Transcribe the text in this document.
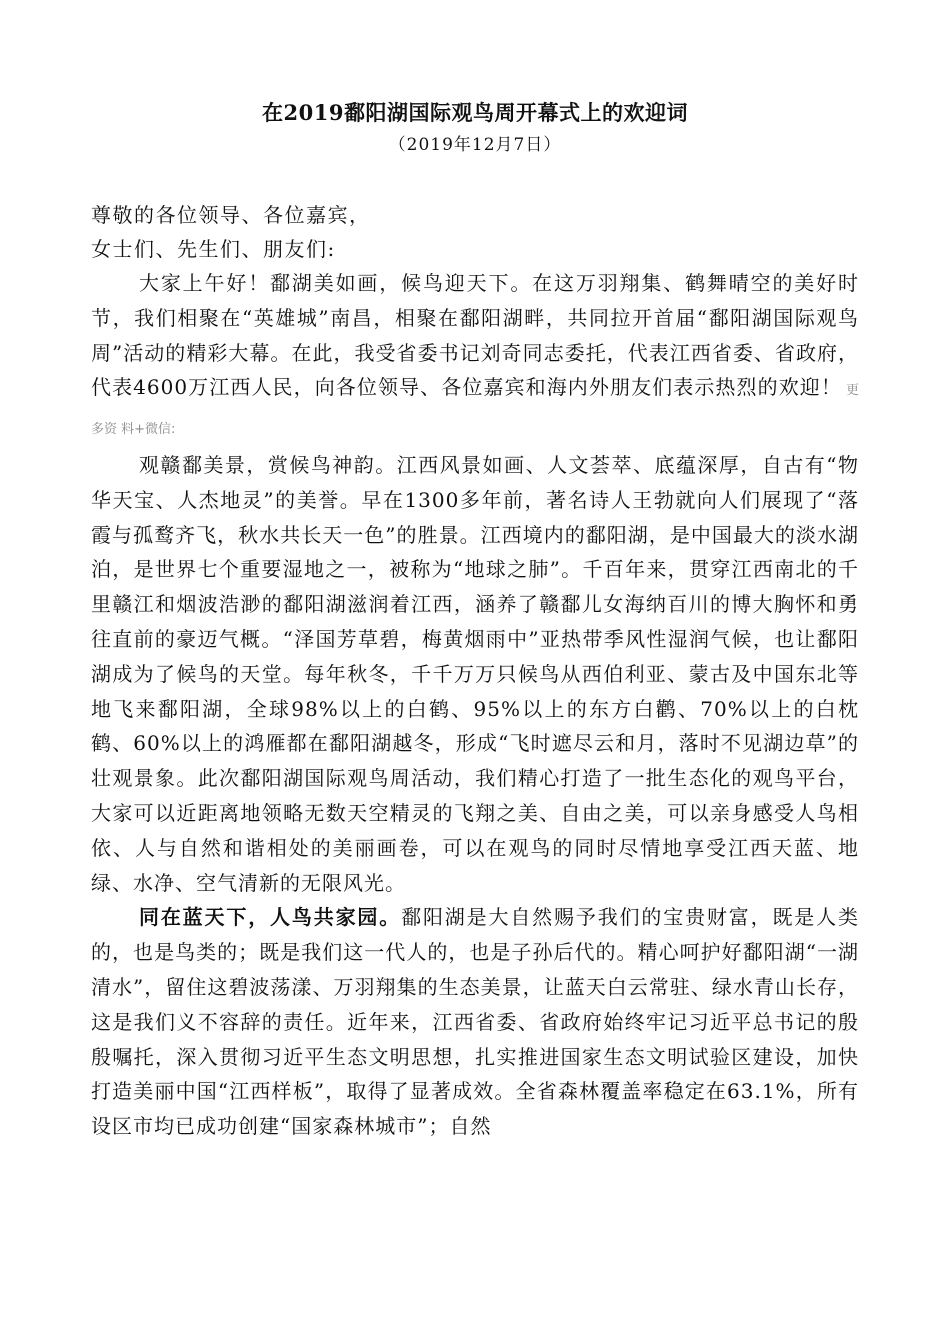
在2019鄱阳湖国际观鸟周开幕式上的欢迎词

（2019年12月7日）

尊敬的各位领导、各位嘉宾，

女士们、先生们、朋友们:

大家上午好！鄱湖美如画，候鸟迎天下。在这万羽翔集、鹤舞晴空的美好时节，我们相聚在“英雄城”南昌，相聚在鄱阳湖畔，共同拉开首届“鄱阳湖国际观鸟周”活动的精彩大幕。在此，我受省委书记刘奇同志委托，代表江西省委、省政府，代表4600万江西人民，向各位领导、各位嘉宾和海内外朋友们表示热烈的欢迎！ 更多资 料+微信:

观赣鄱美景，赏候鸟神韵。江西风景如画、人文荟萃、底蕴深厚，自古有“物华天宝、人杰地灵”的美誉。早在1300多年前，著名诗人王勃就向人们展现了“落霞与孤鹜齐飞，秋水共长天一色”的胜景。江西境内的鄱阳湖，是中国最大的淡水湖泊，是世界七个重要湿地之一，被称为“地球之肺”。千百年来，贯穿江西南北的千里赣江和烟波浩渺的鄱阳湖滋润着江西，涵养了赣鄱儿女海纳百川的博大胸怀和勇往直前的豪迈气概。“泽国芳草碧，梅黄烟雨中”亚热带季风性湿润气候，也让鄱阳湖成为了候鸟的天堂。每年秋冬，千千万万只候鸟从西伯利亚、蒙古及中国东北等地飞来鄱阳湖，全球98%以上的白鹤、95%以上的东方白鹳、70%以上的白枕鹤、60%以上的鸿雁都在鄱阳湖越冬，形成“飞时遮尽云和月，落时不见湖边草”的壮观景象。此次鄱阳湖国际观鸟周活动，我们精心打造了一批生态化的观鸟平台，大家可以近距离地领略无数天空精灵的飞翔之美、自由之美，可以亲身感受人鸟相依、人与自然和谐相处的美丽画卷，可以在观鸟的同时尽情地享受江西天蓝、地绿、水净、空气清新的无限风光。

同在蓝天下，人鸟共家园。鄱阳湖是大自然赐予我们的宝贵财富，既是人类的，也是鸟类的；既是我们这一代人的，也是子孙后代的。精心呵护好鄱阳湖“一湖清水”，留住这碧波荡漾、万羽翔集的生态美景，让蓝天白云常驻、绿水青山长存，这是我们义不容辞的责任。近年来，江西省委、省政府始终牢记习近平总书记的殷殷嘱托，深入贯彻习近平生态文明思想，扎实推进国家生态文明试验区建设，加快打造美丽中国“江西样板”，取得了显著成效。全省森林覆盖率稳定在63.1%，所有设区市均已成功创建“国家森林城市”；自然
